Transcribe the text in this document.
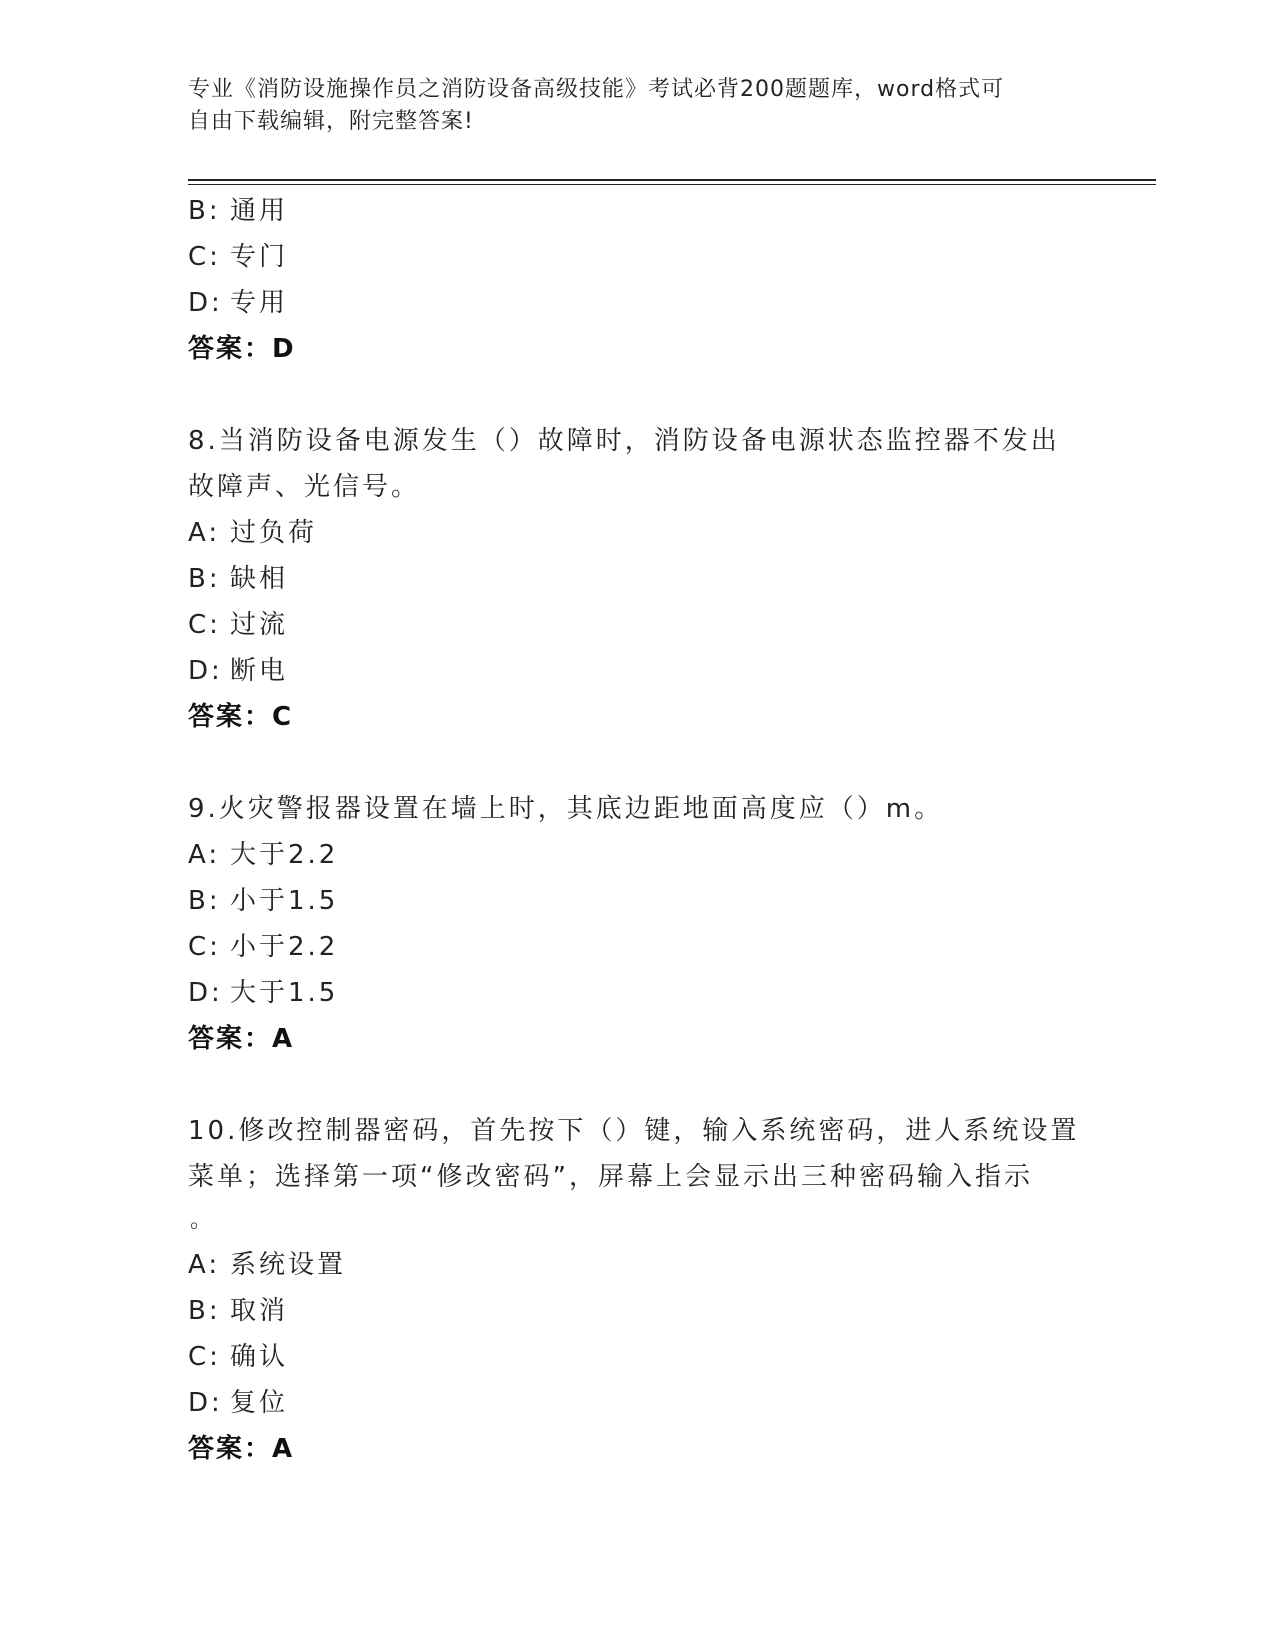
专业《消防设施操作员之消防设备高级技能》考试必背200题题库，word格式可
自由下载编辑，附完整答案!
B: 通用
C: 专门
D: 专用
答案：D
8.当消防设备电源发生（）故障时，消防设备电源状态监控器不发出
故障声、光信号。
A: 过负荷
B: 缺相
C: 过流
D: 断电
答案：C
9.火灾警报器设置在墙上时，其底边距地面高度应（）m。
A: 大于2.2
B: 小于1.5
C: 小于2.2
D: 大于1.5
答案：A
10.修改控制器密码，首先按下（）键，输入系统密码，进人系统设置
菜单；选择第一项“修改密码”，屏幕上会显示出三种密码输入指示
。
A: 系统设置
B: 取消
C: 确认
D: 复位
答案：A
